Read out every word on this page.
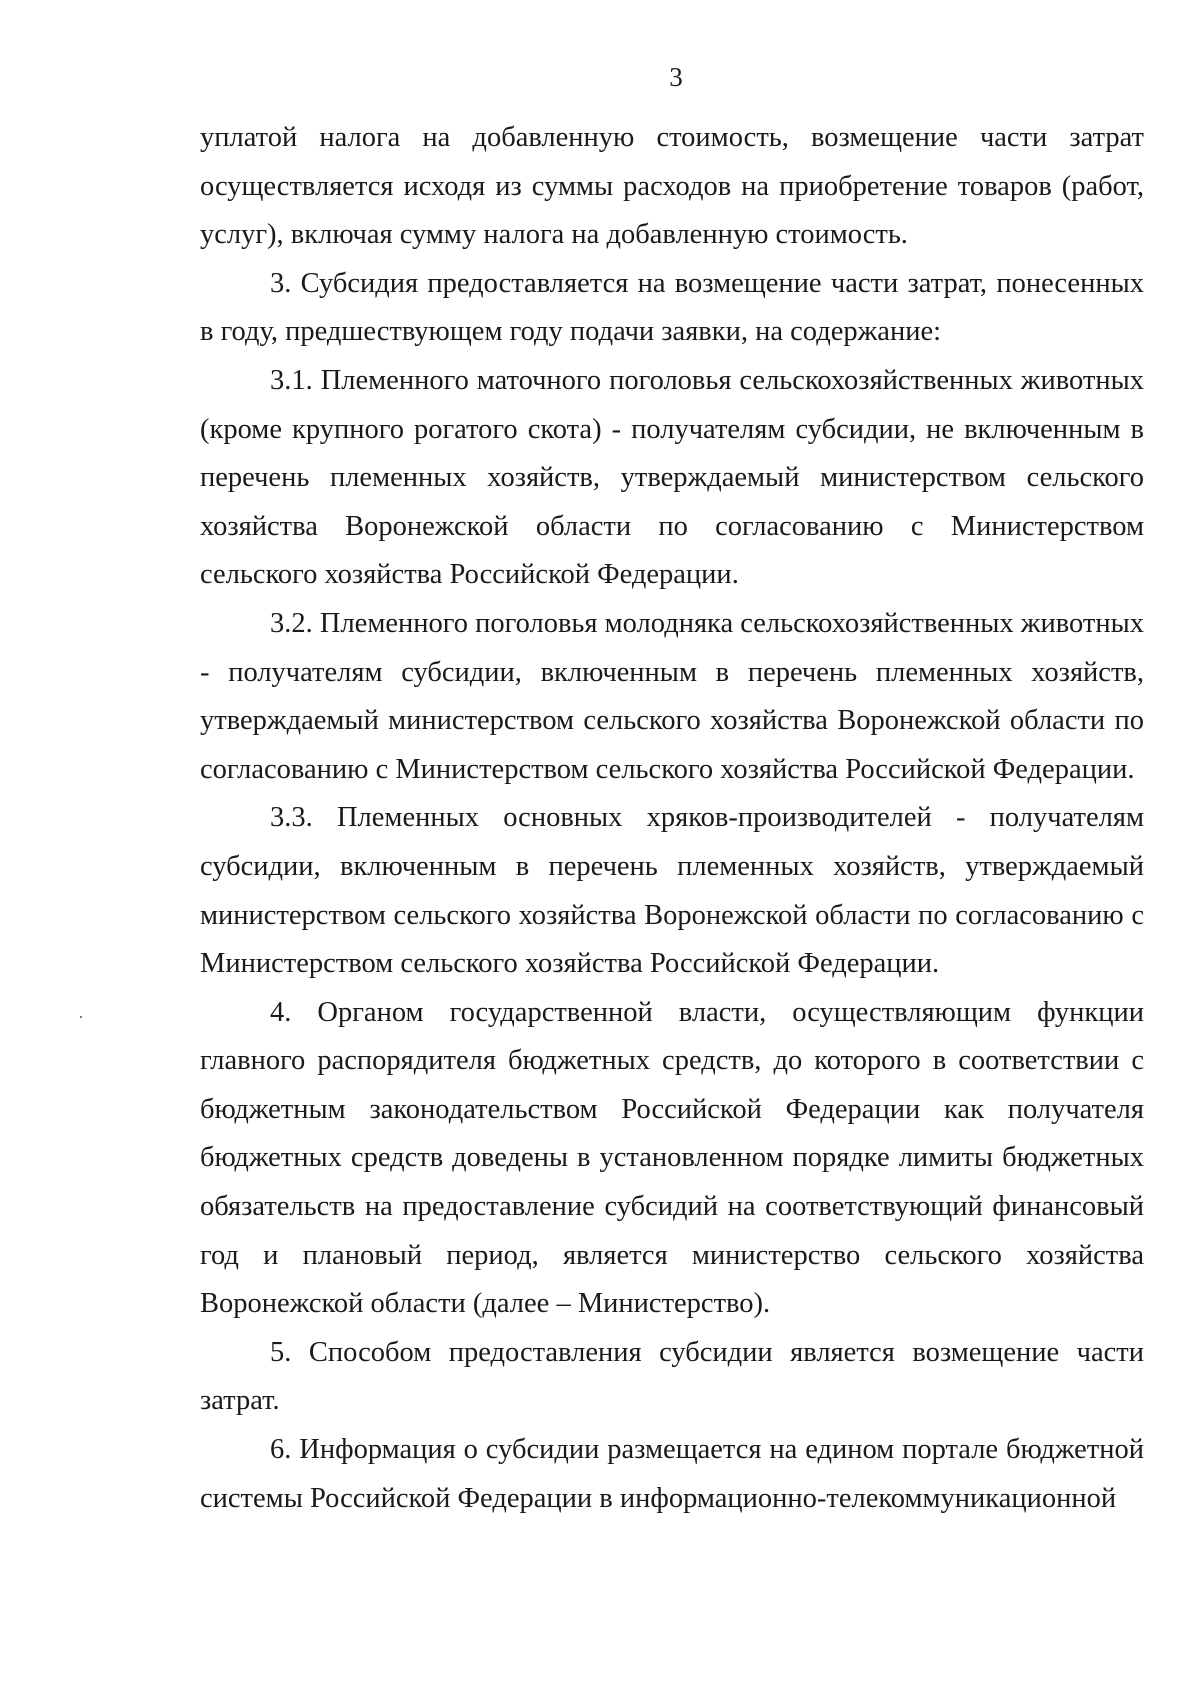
3

уплатой налога на добавленную стоимость, возмещение части затрат осуществляется исходя из суммы расходов на приобретение товаров (работ, услуг), включая сумму налога на добавленную стоимость.

3. Субсидия предоставляется на возмещение части затрат, понесенных в году, предшествующем году подачи заявки, на содержание:

3.1. Племенного маточного поголовья сельскохозяйственных животных (кроме крупного рогатого скота) - получателям субсидии, не включенным в перечень племенных хозяйств, утверждаемый министерством сельского хозяйства Воронежской области по согласованию с Министерством сельского хозяйства Российской Федерации.

3.2. Племенного поголовья молодняка сельскохозяйственных животных - получателям субсидии, включенным в перечень племенных хозяйств, утверждаемый министерством сельского хозяйства Воронежской области по согласованию с Министерством сельского хозяйства Российской Федерации.

3.3. Племенных основных хряков-производителей - получателям субсидии, включенным в перечень племенных хозяйств, утверждаемый министерством сельского хозяйства Воронежской области по согласованию с Министерством сельского хозяйства Российской Федерации.

4. Органом государственной власти, осуществляющим функции главного распорядителя бюджетных средств, до которого в соответствии с бюджетным законодательством Российской Федерации как получателя бюджетных средств доведены в установленном порядке лимиты бюджетных обязательств на предоставление субсидий на соответствующий финансовый год и плановый период, является министерство сельского хозяйства Воронежской области (далее – Министерство).

5. Способом предоставления субсидии является возмещение части затрат.

6. Информация о субсидии размещается на едином портале бюджетной системы Российской Федерации в информационно-телекоммуникационной
